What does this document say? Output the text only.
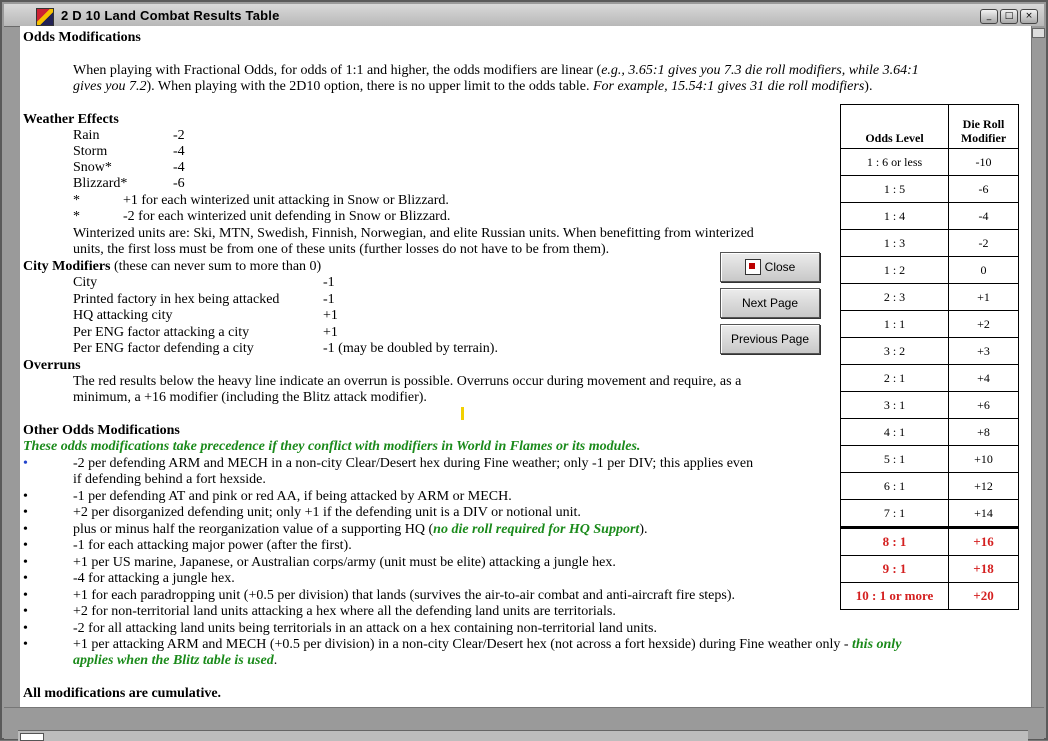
2 D 10 Land Combat Results Table	_	□	×
Odds Modifications
When playing with Fractional Odds, for odds of 1:1 and higher, the odds modifiers are linear (e.g., 3.65:1 gives you 7.3 die roll modifiers, while 3.64:1
gives you 7.2). When playing with the 2D10 option, there is no upper limit to the odds table. For example, 15.54:1 gives 31 die roll modifiers).
Weather Effects
Rain	-2
Storm	-4
Snow*	-4
Blizzard*	-6
*	+1 for each winterized unit attacking in Snow or Blizzard.
*	-2 for each winterized unit defending in Snow or Blizzard.
Winterized units are: Ski, MTN, Swedish, Finnish, Norwegian, and elite Russian units. When benefitting from winterized
units, the first loss must be from one of these units (further losses do not have to be from them).
City Modifiers (these can never sum to more than 0)
City	-1
Printed factory in hex being attacked	-1
HQ attacking city	+1
Per ENG factor attacking a city	+1
Per ENG factor defending a city	-1 (may be doubled by terrain).
Overruns
The red results below the heavy line indicate an overrun is possible. Overruns occur during movement and require, as a
minimum, a +16 modifier (including the Blitz attack modifier).
Other Odds Modifications
These odds modifications take precedence if they conflict with modifiers in World in Flames or its modules.
•	-2 per defending ARM and MECH in a non-city Clear/Desert hex during Fine weather; only -1 per DIV; this applies even
if defending behind a fort hexside.
•	-1 per defending AT and pink or red AA, if being attacked by ARM or MECH.
•	+2 per disorganized defending unit; only +1 if the defending unit is a DIV or notional unit.
•	plus or minus half the reorganization value of a supporting HQ (no die roll required for HQ Support).
•	-1 for each attacking major power (after the first).
•	+1 per US marine, Japanese, or Australian corps/army (unit must be elite) attacking a jungle hex.
•	-4 for attacking a jungle hex.
•	+1 for each paradropping unit (+0.5 per division) that lands (survives the air-to-air combat and anti-aircraft fire steps).
•	+2 for non-territorial land units attacking a hex where all the defending land units are territorials.
•	-2 for all attacking land units being territorials in an attack on a hex containing non-territorial land units.
•	+1 per attacking ARM and MECH (+0.5 per division) in a non-city Clear/Desert hex (not across a fort hexside) during Fine weather only - this only
applies when the Blitz table is used.
All modifications are cumulative.
Close
Next Page
Previous Page
Odds Level	Die Roll
Modifier
1 : 6 or less	-10
1 : 5	-6
1 : 4	-4
1 : 3	-2
1 : 2	0
2 : 3	+1
1 : 1	+2
3 : 2	+3
2 : 1	+4
3 : 1	+6
4 : 1	+8
5 : 1	+10
6 : 1	+12
7 : 1	+14
8 : 1	+16
9 : 1	+18
10 : 1 or more	+20
